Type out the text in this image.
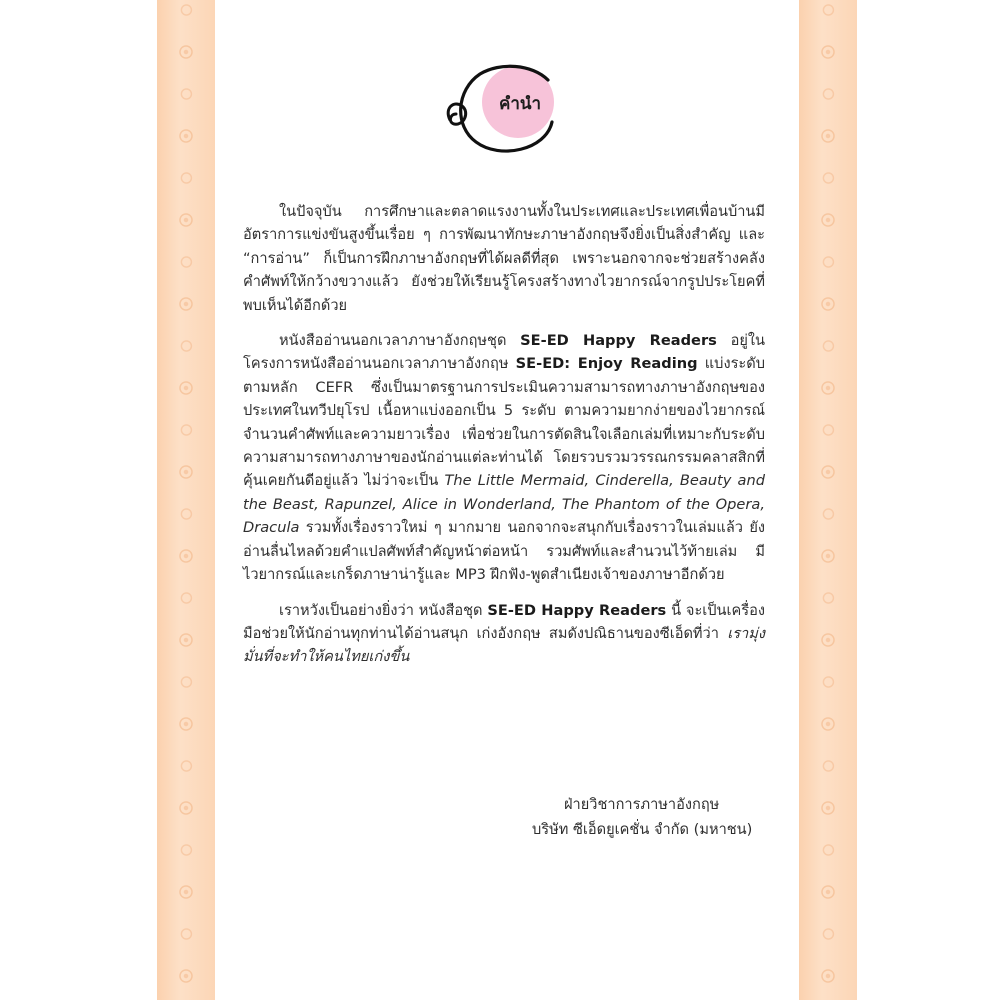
คำนำ

ในปัจจุบัน การศึกษาและตลาดแรงงานทั้งในประเทศและประเทศเพื่อนบ้านมีอัตราการแข่งขันสูงขึ้นเรื่อย ๆ การพัฒนาทักษะภาษาอังกฤษจึงยิ่งเป็นสิ่งสำคัญ และ “การอ่าน” ก็เป็นการฝึกภาษาอังกฤษที่ได้ผลดีที่สุด เพราะนอกจากจะช่วยสร้างคลังคำศัพท์ให้กว้างขวางแล้ว ยังช่วยให้เรียนรู้โครงสร้างทางไวยากรณ์จากรูปประโยคที่พบเห็นได้อีกด้วย

หนังสืออ่านนอกเวลาภาษาอังกฤษชุด SE-ED Happy Readers อยู่ในโครงการหนังสืออ่านนอกเวลาภาษาอังกฤษ SE-ED: Enjoy Reading แบ่งระดับตามหลัก CEFR ซึ่งเป็นมาตรฐานการประเมินความสามารถทางภาษาอังกฤษของประเทศในทวีปยุโรป เนื้อหาแบ่งออกเป็น 5 ระดับ ตามความยากง่ายของไวยากรณ์ จำนวนคำศัพท์และความยาวเรื่อง เพื่อช่วยในการตัดสินใจเลือกเล่มที่เหมาะกับระดับความสามารถทางภาษาของนักอ่านแต่ละท่านได้ โดยรวบรวมวรรณกรรมคลาสสิกที่คุ้นเคยกันดีอยู่แล้ว ไม่ว่าจะเป็น The Little Mermaid, Cinderella, Beauty and the Beast, Rapunzel, Alice in Wonderland, The Phantom of the Opera, Dracula รวมทั้งเรื่องราวใหม่ ๆ มากมาย นอกจากจะสนุกกับเรื่องราวในเล่มแล้ว ยังอ่านลื่นไหลด้วยคำแปลศัพท์สำคัญหน้าต่อหน้า รวมศัพท์และสำนวนไว้ท้ายเล่ม มีไวยากรณ์และเกร็ดภาษาน่ารู้และ MP3 ฝึกฟัง-พูดสำเนียงเจ้าของภาษาอีกด้วย

เราหวังเป็นอย่างยิ่งว่า หนังสือชุด SE-ED Happy Readers นี้ จะเป็นเครื่องมือช่วยให้นักอ่านทุกท่านได้อ่านสนุก เก่งอังกฤษ สมดังปณิธานของซีเอ็ดที่ว่า เรามุ่งมั่นที่จะทำให้คนไทยเก่งขึ้น

ฝ่ายวิชาการภาษาอังกฤษ
บริษัท ซีเอ็ดยูเคชั่น จำกัด (มหาชน)
